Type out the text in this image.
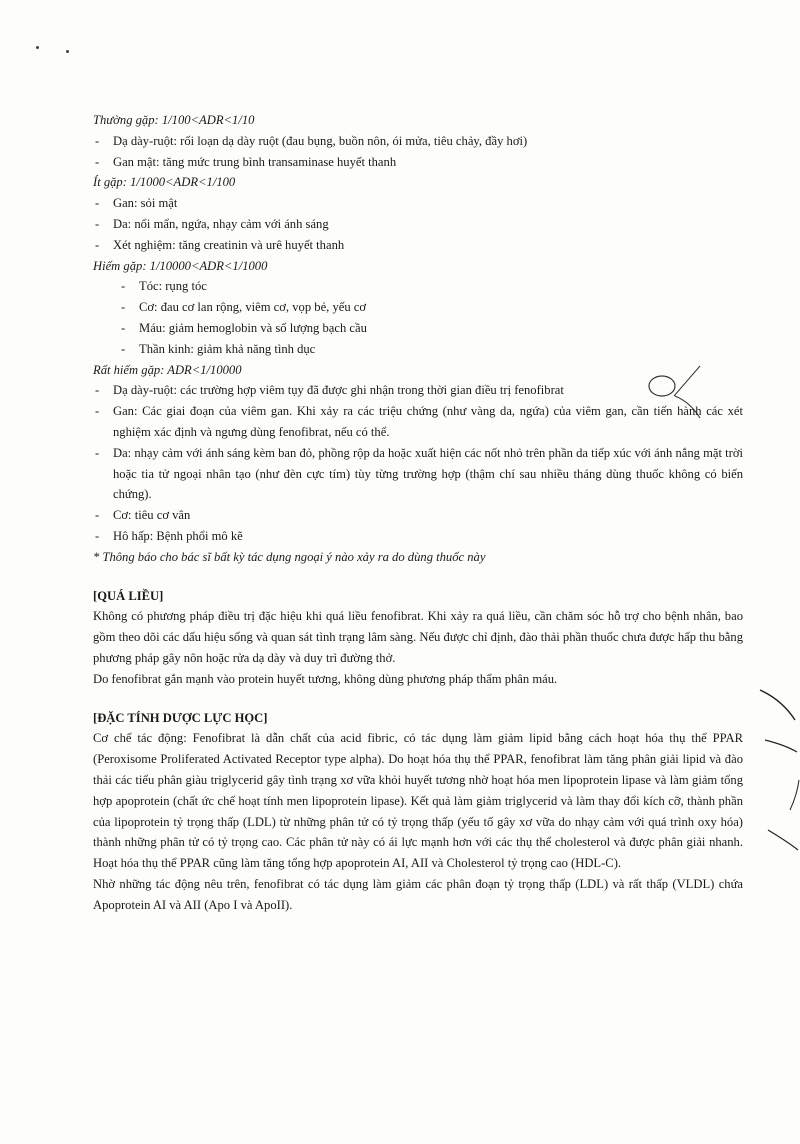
Thường gặp: 1/100<ADR<1/10
- Dạ dày-ruột: rối loạn dạ dày ruột (đau bụng, buồn nôn, ói mửa, tiêu chảy, đầy hơi)
- Gan mật: tăng mức trung bình transaminase huyết thanh
Ít gặp: 1/1000<ADR<1/100
- Gan: sỏi mật
- Da: nổi mẩn, ngứa, nhạy cảm với ánh sáng
- Xét nghiệm: tăng creatinin và urê huyết thanh
Hiếm gặp: 1/10000<ADR<1/1000
- Tóc: rụng tóc
- Cơ: đau cơ lan rộng, viêm cơ, vọp bẻ, yếu cơ
- Máu: giảm hemoglobin và số lượng bạch cầu
- Thần kinh: giảm khả năng tình dục
Rất hiếm gặp: ADR<1/10000
- Dạ dày-ruột: các trường hợp viêm tụy đã được ghi nhận trong thời gian điều trị fenofibrat
- Gan: Các giai đoạn của viêm gan. Khi xảy ra các triệu chứng (như vàng da, ngứa) của viêm gan, cần tiến hành các xét nghiệm xác định và ngưng dùng fenofibrat, nếu có thể.
- Da: nhạy cảm với ánh sáng kèm ban đỏ, phồng rộp da hoặc xuất hiện các nốt nhỏ trên phần da tiếp xúc với ánh nắng mặt trời hoặc tia tử ngoại nhân tạo (như đèn cực tím) tùy từng trường hợp (thậm chí sau nhiều tháng dùng thuốc không có biến chứng).
- Cơ: tiêu cơ vân
- Hô hấp: Bệnh phổi mô kẽ
* Thông báo cho bác sĩ bất kỳ tác dụng ngoại ý nào xảy ra do dùng thuốc này
[QUÁ LIỀU]
Không có phương pháp điều trị đặc hiệu khi quá liều fenofibrat. Khi xảy ra quá liều, cần chăm sóc hỗ trợ cho bệnh nhân, bao gồm theo dõi các dấu hiệu sống và quan sát tình trạng lâm sàng. Nếu được chỉ định, đào thải phần thuốc chưa được hấp thu bằng phương pháp gây nôn hoặc rửa dạ dày và duy trì đường thở.
Do fenofibrat gắn mạnh vào protein huyết tương, không dùng phương pháp thẩm phân máu.
[ĐẶC TÍNH DƯỢC LỰC HỌC]
Cơ chế tác động: Fenofibrat là dẫn chất của acid fibric, có tác dụng làm giảm lipid bằng cách hoạt hóa thụ thể PPAR (Peroxisome Proliferated Activated Receptor type alpha). Do hoạt hóa thụ thể PPAR, fenofibrat làm tăng phân giải lipid và đào thải các tiểu phân giàu triglycerid gây tình trạng xơ vữa khỏi huyết tương nhờ hoạt hóa men lipoprotein lipase và làm giảm tổng hợp apoprotein (chất ức chế hoạt tính men lipoprotein lipase). Kết quả làm giảm triglycerid và làm thay đổi kích cỡ, thành phần của lipoprotein tỷ trọng thấp (LDL) từ những phân tử có tỷ trọng thấp (yếu tố gây xơ vữa do nhạy cảm với quá trình oxy hóa) thành những phân tử có tỷ trọng cao. Các phân tử này có ái lực mạnh hơn với các thụ thể cholesterol và được phân giải nhanh. Hoạt hóa thụ thể PPAR cũng làm tăng tổng hợp apoprotein AI, AII và Cholesterol tỷ trọng cao (HDL-C).
Nhờ những tác động nêu trên, fenofibrat có tác dụng làm giảm các phân đoạn tỷ trọng thấp (LDL) và rất thấp (VLDL) chứa Apoprotein AI và AII (Apo I và ApoII).
